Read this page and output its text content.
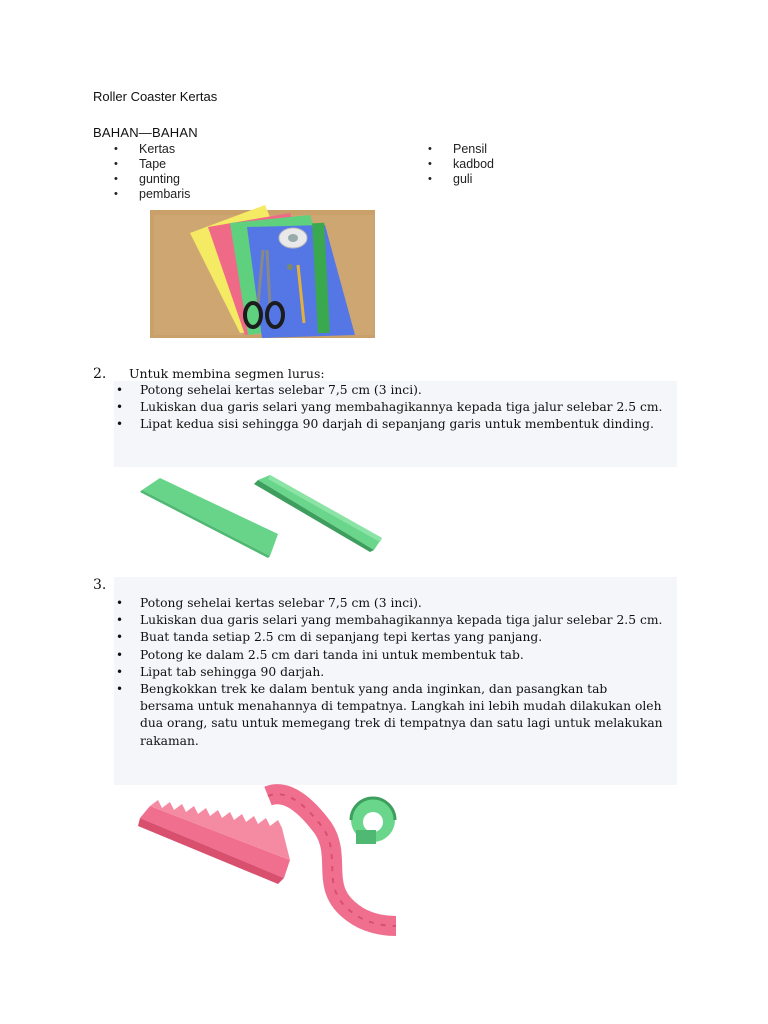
Roller Coaster Kertas
BAHAN—BAHAN
• Kertas
• Tape
• gunting
• pembaris
• Pensil
• kadbod
• guli
2. Untuk membina segmen lurus:
• Potong sehelai kertas selebar 7,5 cm (3 inci).
• Lukiskan dua garis selari yang membahagikannya kepada tiga jalur selebar 2.5 cm.
• Lipat kedua sisi sehingga 90 darjah di sepanjang garis untuk membentuk dinding.
3.
• Potong sehelai kertas selebar 7,5 cm (3 inci).
• Lukiskan dua garis selari yang membahagikannya kepada tiga jalur selebar 2.5 cm.
• Buat tanda setiap 2.5 cm di sepanjang tepi kertas yang panjang.
• Potong ke dalam 2.5 cm dari tanda ini untuk membentuk tab.
• Lipat tab sehingga 90 darjah.
• Bengkokkan trek ke dalam bentuk yang anda inginkan, dan pasangkan tab bersama untuk menahannya di tempatnya. Langkah ini lebih mudah dilakukan oleh dua orang, satu untuk memegang trek di tempatnya dan satu lagi untuk melakukan rakaman.
